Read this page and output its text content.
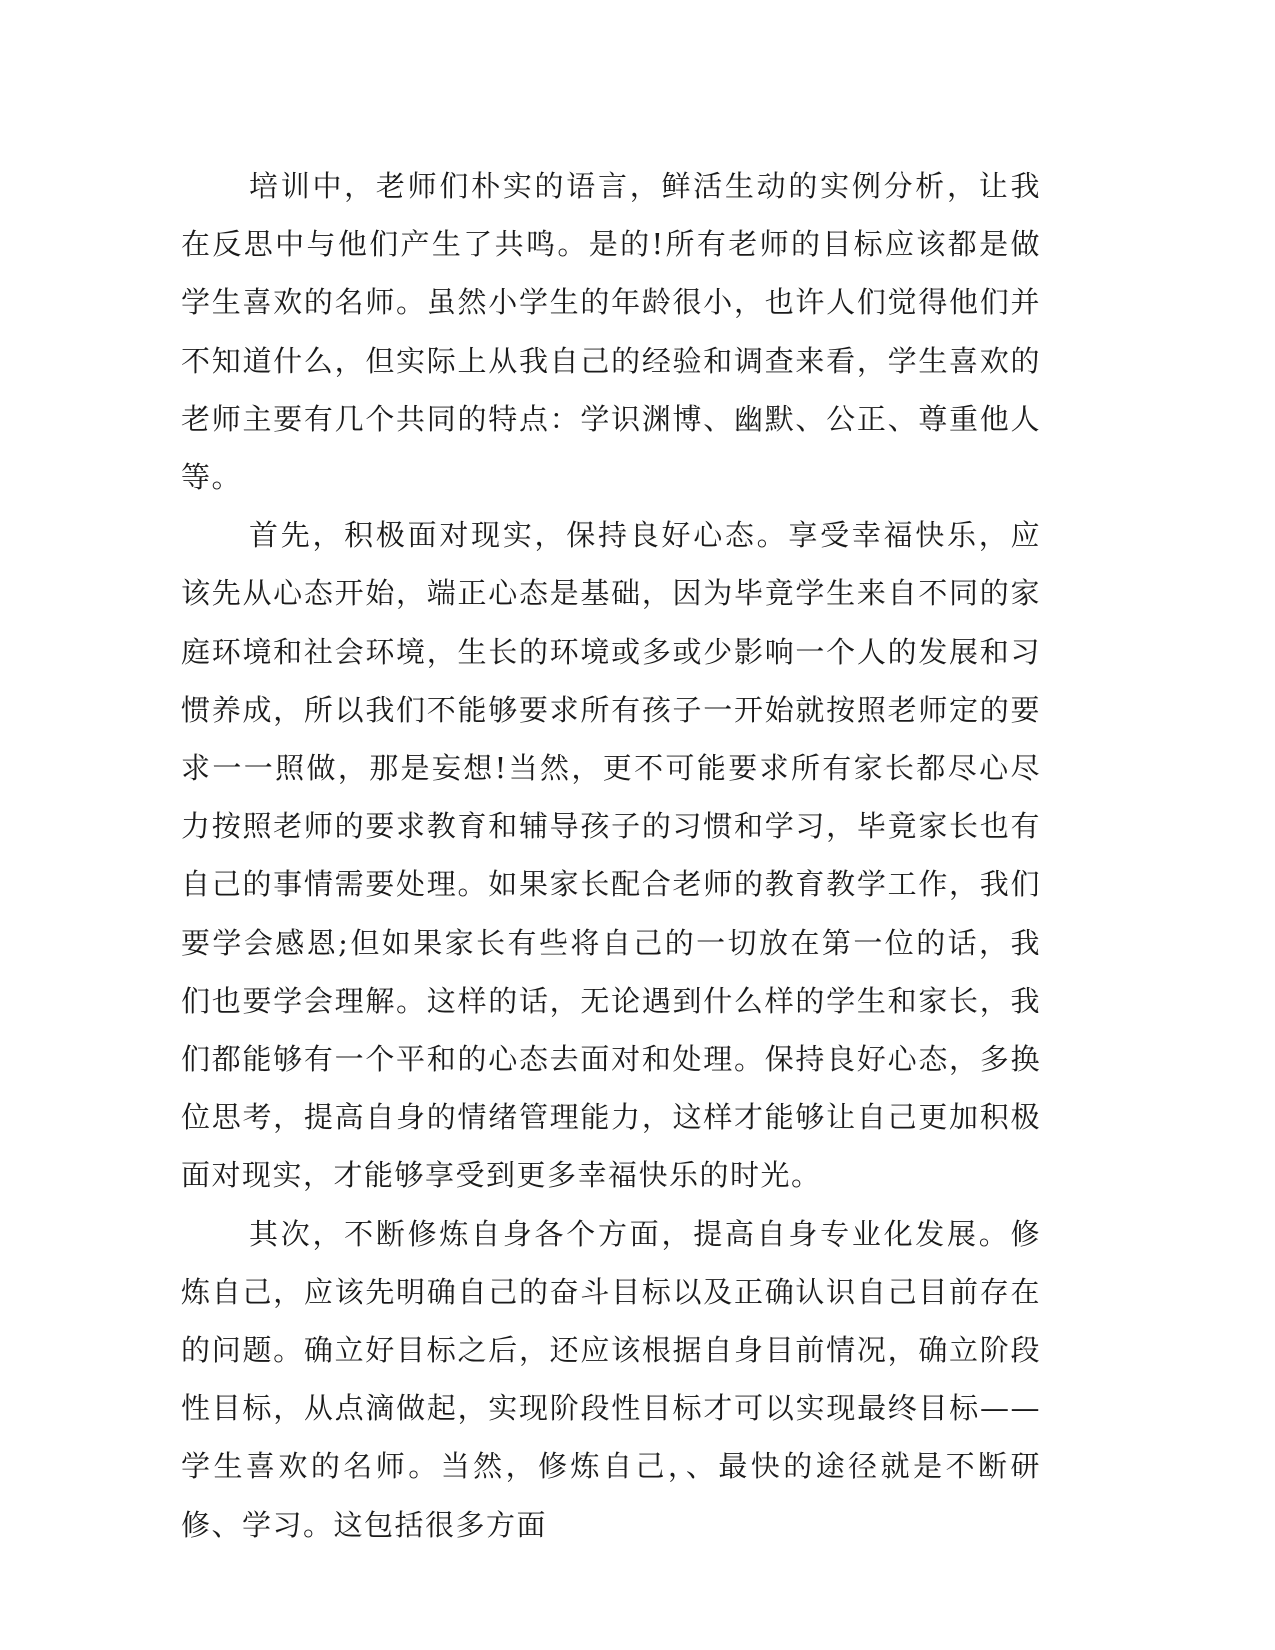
培训中，老师们朴实的语言，鲜活生动的实例分析，让我在反思中与他们产生了共鸣。是的!所有老师的目标应该都是做学生喜欢的名师。虽然小学生的年龄很小，也许人们觉得他们并不知道什么，但实际上从我自己的经验和调查来看，学生喜欢的老师主要有几个共同的特点：学识渊博、幽默、公正、尊重他人等。

首先，积极面对现实，保持良好心态。享受幸福快乐，应该先从心态开始，端正心态是基础，因为毕竟学生来自不同的家庭环境和社会环境，生长的环境或多或少影响一个人的发展和习惯养成，所以我们不能够要求所有孩子一开始就按照老师定的要求一一照做，那是妄想!当然，更不可能要求所有家长都尽心尽力按照老师的要求教育和辅导孩子的习惯和学习，毕竟家长也有自己的事情需要处理。如果家长配合老师的教育教学工作，我们要学会感恩;但如果家长有些将自己的一切放在第一位的话，我们也要学会理解。这样的话，无论遇到什么样的学生和家长，我们都能够有一个平和的心态去面对和处理。保持良好心态，多换位思考，提高自身的情绪管理能力，这样才能够让自己更加积极面对现实，才能够享受到更多幸福快乐的时光。

其次，不断修炼自身各个方面，提高自身专业化发展。修炼自己，应该先明确自己的奋斗目标以及正确认识自己目前存在的问题。确立好目标之后，还应该根据自身目前情况，确立阶段性目标，从点滴做起，实现阶段性目标才可以实现最终目标——学生喜欢的名师。当然，修炼自己，、最快的途径就是不断研修、学习。这包括很多方面
